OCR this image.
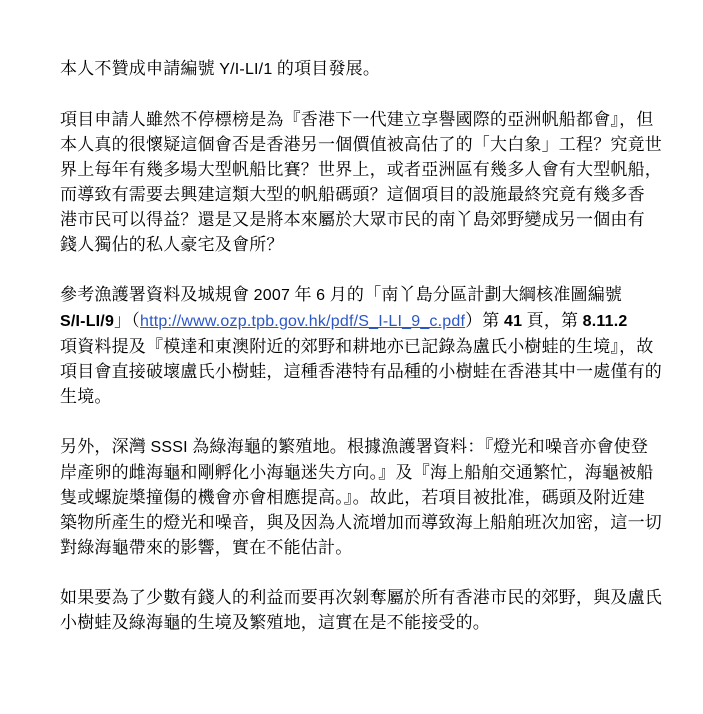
本人不贊成申請編號 Y/I-LI/1 的項目發展。
項目申請人雖然不停標榜是為『香港下一代建立享譽國際的亞洲帆船都會』，但
本人真的很懷疑這個會否是香港另一個價值被高估了的「大白象」工程？究竟世
界上每年有幾多場大型帆船比賽？世界上，或者亞洲區有幾多人會有大型帆船，
而導致有需要去興建這類大型的帆船碼頭？這個項目的設施最終究竟有幾多香
港市民可以得益？還是又是將本來屬於大眾市民的南丫島郊野變成另一個由有
錢人獨佔的私人豪宅及會所？
參考漁護署資料及城規會 2007 年 6 月的「南丫島分區計劃大綱核准圖編號
S/I-LI/9」（http://www.ozp.tpb.gov.hk/pdf/S_I-LI_9_c.pdf）第 41 頁，第 8.11.2
項資料提及『模達和東澳附近的郊野和耕地亦已記錄為盧氏小樹蛙的生境』，故
項目會直接破壞盧氏小樹蛙，這種香港特有品種的小樹蛙在香港其中一處僅有的
生境。
另外，深灣 SSSI 為綠海龜的繁殖地。根據漁護署資料：『燈光和噪音亦會使登
岸產卵的雌海龜和剛孵化小海龜迷失方向。』及『海上船舶交通繁忙，海龜被船
隻或螺旋槳撞傷的機會亦會相應提高。』。故此，若項目被批准，碼頭及附近建
築物所產生的燈光和噪音，與及因為人流增加而導致海上船舶班次加密，這一切
對綠海龜帶來的影響，實在不能估計。
如果要為了少數有錢人的利益而要再次剝奪屬於所有香港市民的郊野，與及盧氏
小樹蛙及綠海龜的生境及繁殖地，這實在是不能接受的。
